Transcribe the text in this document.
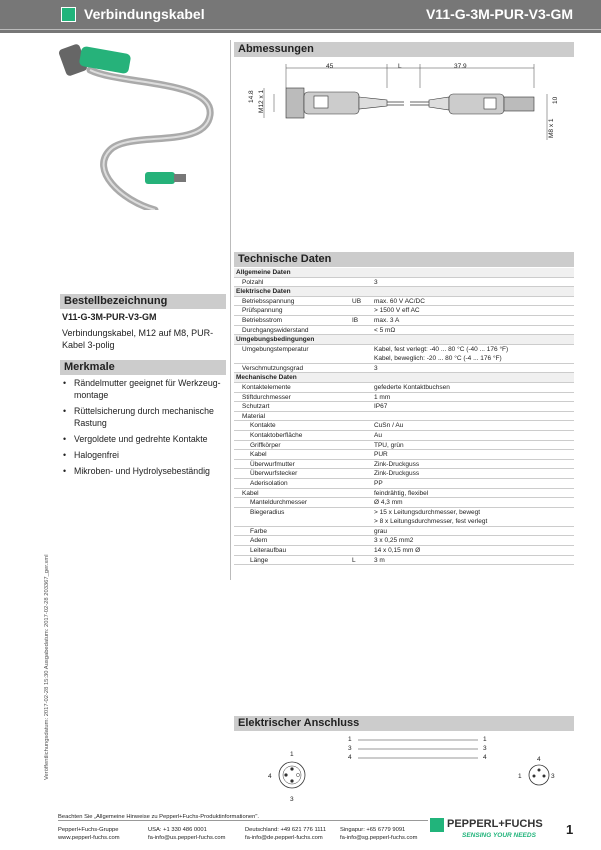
Verbindungskabel	V11-G-3M-PUR-V3-GM
Abmessungen
45	L	37.9
14.8 M12 x 1	10
M8 x 1
Technische Daten
Allgemeine Daten
Polzahl	3
Elektrische Daten
Betriebsspannung	UB max. 60 V AC/DC
Prüfspannung	> 1500 V eff AC
Betriebsstrom	IB max. 3 A
Durchgangswiderstand	< 5 mΩ
Umgebungsbedingungen
Umgebungstemperatur	Kabel, fest verlegt: -40 ... 80 °C (-40 ... 176 °F)
Kabel, beweglich: -20 ... 80 °C (-4 ... 176 °F)
Verschmutzungsgrad	3
Mechanische Daten
Kontaktelemente	gefederte Kontaktbuchsen
Stiftdurchmesser	1 mm
Schutzart	IP67
Material
Kontakte	CuSn / Au
Kontaktoberfläche	Au
Griffkörper	TPU, grün
Kabel	PUR
Überwurfmutter	Zink-Druckguss
Überwurfstecker	Zink-Druckguss
Aderisolation	PP
Kabel	feindrähtig, flexibel
Manteldurchmesser	Ø 4,3 mm
Biegeradius	> 15 x Leitungsdurchmesser, bewegt
> 8 x Leitungsdurchmesser, fest verlegt
Farbe	grau
Adern	3 x 0,25 mm2
Leiteraufbau	14 x 0,15 mm Ø
Länge	L	3 m
Bestellbezeichnung
V11-G-3M-PUR-V3-GM
Verbindungskabel, M12 auf M8, PUR-Kabel 3-polig
Merkmale
• Rändelmutter geeignet für Werkzeug-montage
• Rüttelsicherung durch mechanische Rastung
• Vergoldete und gedrehte Kontakte
• Halogenfrei
• Mikroben- und Hydrolysebeständig
Veröffentlichungsdatum: 2017-02-28 15:30 Ausgabedatum: 2017-02-28 203367_ger.xml	Elektrischer Anschluss
1
3
4
1
3
4
1
4
3
4
1	3
Beachten Sie „Allgemeine Hinweise zu Pepperl+Fuchs-Produktinformationen".
Pepperl+Fuchs-Gruppe
www.pepperl-fuchs.com
USA: +1 330 486 0001
fa-info@us.pepperl-fuchs.com
Deutschland: +49 621 776 1111
fa-info@de.pepperl-fuchs.com
Singapur: +65 6779 9091
fa-info@sg.pepperl-fuchs.com
PEPPERL+FUCHS
SENSING YOUR NEEDS 1
